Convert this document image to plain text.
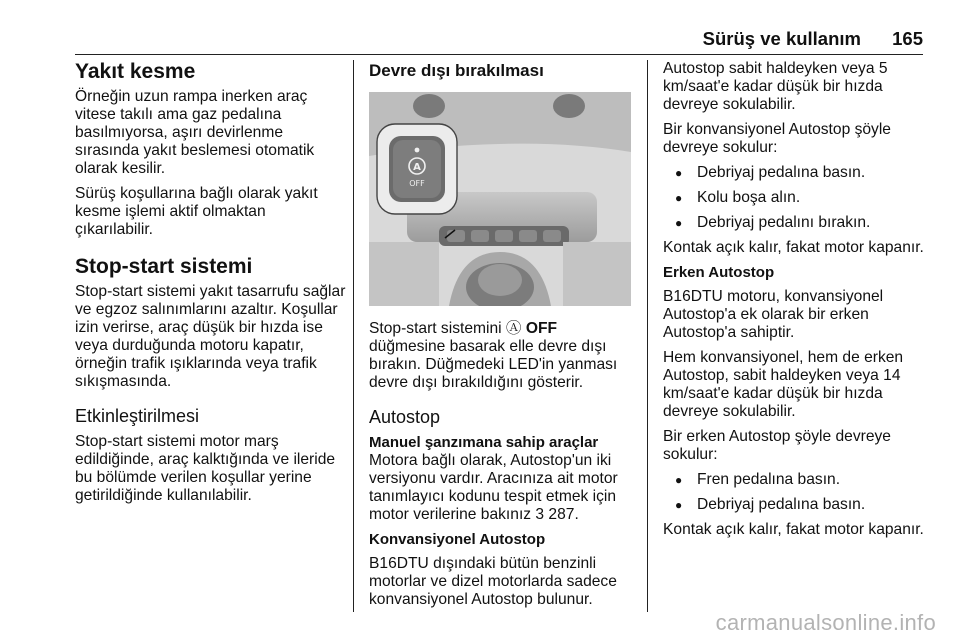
Sürüş ve kullanım 165
Yakıt kesme

Örneğin uzun rampa inerken araç vitese takılı ama gaz pedalına basılmıyorsa, aşırı devirlenme sırasında yakıt beslemesi otomatik olarak kesilir.

Sürüş koşullarına bağlı olarak yakıt kesme işlemi aktif olmaktan çıkarılabilir.

Stop-start sistemi

Stop-start sistemi yakıt tasarrufu sağlar ve egzoz salınımlarını azaltır. Koşullar izin verirse, araç düşük bir hızda ise veya durduğunda motoru kapatır, örneğin trafik ışıklarında veya trafik sıkışmasında.

Etkinleştirilmesi

Stop-start sistemi motor marş edildiğinde, araç kalktığında ve ileride bu bölümde verilen koşullar yerine getirildiğinde kullanılabilir.

Devre dışı bırakılması
A
OFF

Stop-start sistemini Ⓐ OFF düğmesine basarak elle devre dışı bırakın. Düğmedeki LED'in yanması devre dışı bırakıldığını gösterir.

Autostop
Manuel şanzımana sahip araçlar

Motora bağlı olarak, Autostop'un iki versiyonu vardır. Aracınıza ait motor tanımlayıcı kodunu tespit etmek için motor verilerine bakınız 3 287.

Konvansiyonel Autostop

B16DTU dışındaki bütün benzinli motorlar ve dizel motorlarda sadece konvansiyonel Autostop bulunur.

Autostop sabit haldeyken veya 5 km/saat'e kadar düşük bir hızda devreye sokulabilir.

Bir konvansiyonel Autostop şöyle devreye sokulur:

● Debriyaj pedalına basın.
● Kolu boşa alın.
● Debriyaj pedalını bırakın.

Kontak açık kalır, fakat motor kapanır.

Erken Autostop

B16DTU motoru, konvansiyonel Autostop'a ek olarak bir erken Autostop'a sahiptir.

Hem konvansiyonel, hem de erken Autostop, sabit haldeyken veya 14 km/saat'e kadar düşük bir hızda devreye sokulabilir.

Bir erken Autostop şöyle devreye sokulur:

● Fren pedalına basın.
● Debriyaj pedalına basın.

Kontak açık kalır, fakat motor kapanır.

carmanualsonline.info
